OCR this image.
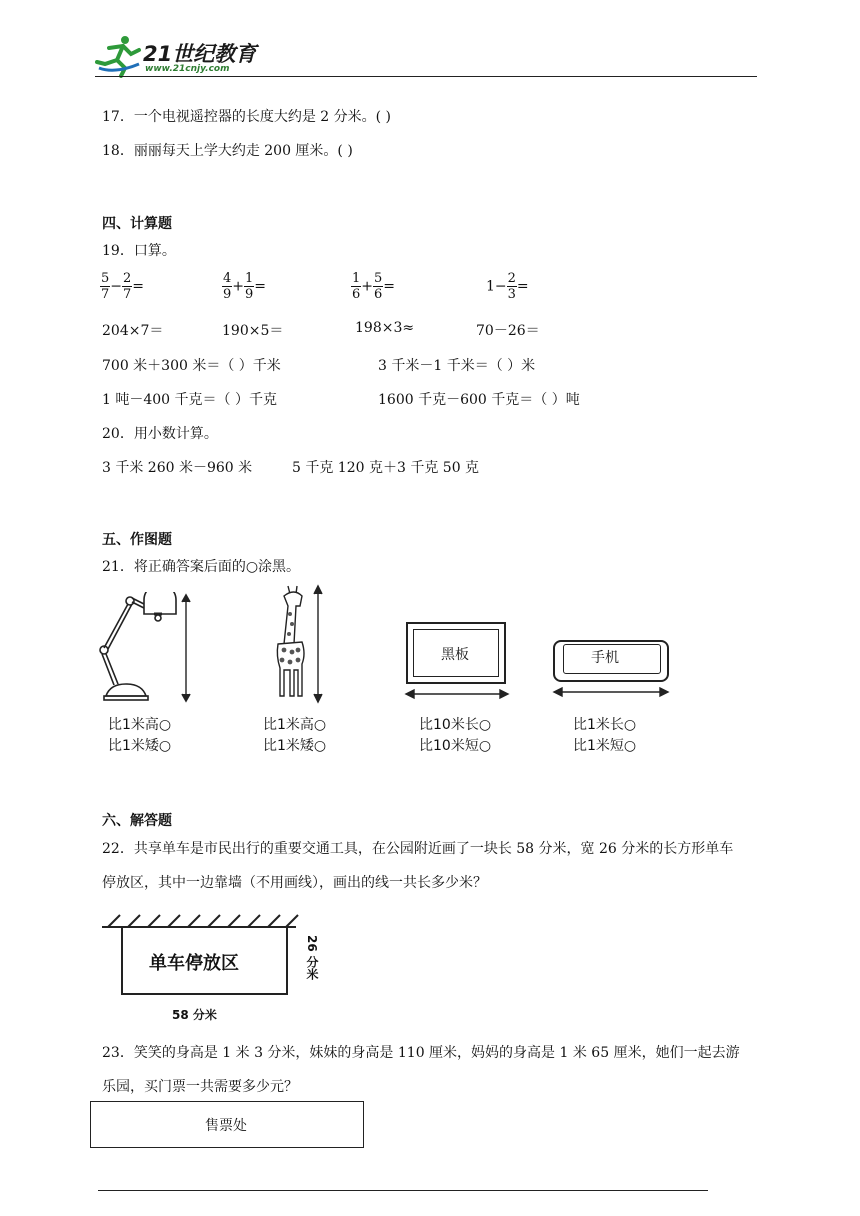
21世纪教育
www.21cnjy.com
17．一个电视遥控器的长度大约是 2 分米。( )
18．丽丽每天上学大约走 200 厘米。( )
四、计算题
19．口算。
$\frac{5}{7} - \frac{2}{7}$ =	$\frac{4}{9} + \frac{1}{9}$ =	$\frac{1}{6} + \frac{5}{6}$ =	$1- \frac{2}{3}$ =
204×7＝	190×5＝	198×3≈	70－26＝
700 米＋300 米＝（ ）千米	3 千米－1 千米＝（ ）米
1 吨－400 千克＝（ ）千克	1600 千克－600 千克＝（ ）吨
20．用小数计算。
3 千米 260 米－960 米	5 千克 120 克＋3 千克 50 克
五、作图题
21．将正确答案后面的○涂黑。
黑板	手机
比1米高○
比1米矮○
比1米高○
比1米矮○
比10米长○
比10米短○
比1米长○
比1米短○
六、解答题
22．共享单车是市民出行的重要交通工具，在公园附近画了一块长 58 分米，宽 26 分米的长方形单车
停放区，其中一边靠墙（不用画线），画出的线一共长多少米？
单车停放区	26 分米
58 分米
23．笑笑的身高是 1 米 3 分米，妹妹的身高是 110 厘米，妈妈的身高是 1 米 65 厘米，她们一起去游
乐园，买门票一共需要多少元？
售票处
